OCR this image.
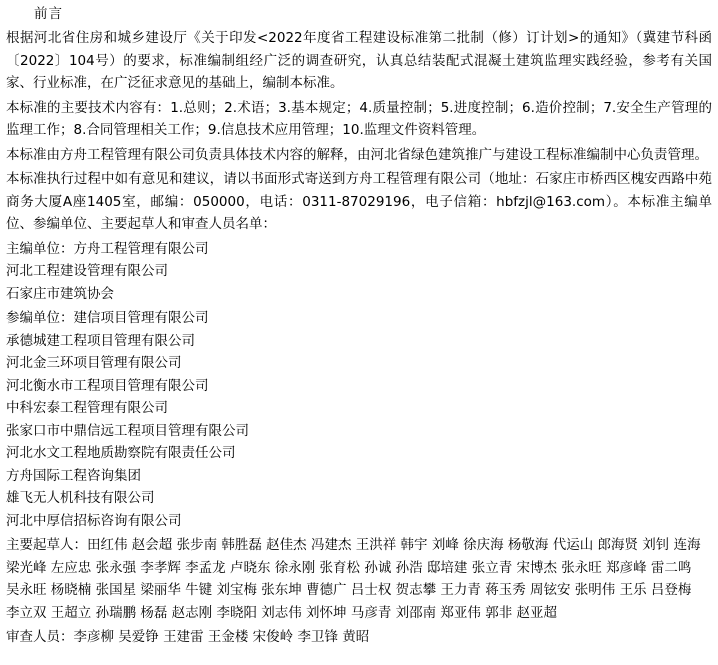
前言

根据河北省住房和城乡建设厅《关于印发<2022年度省工程建设标准第二批制（修）订计划>的通知》（冀建节科函〔2022〕104号）的要求，标准编制组经广泛的调查研究，认真总结装配式混凝土建筑监理实践经验，参考有关国家、行业标准，在广泛征求意见的基础上，编制本标准。

本标准的主要技术内容有：1.总则；2.术语；3.基本规定；4.质量控制；5.进度控制；6.造价控制；7.安全生产管理的监理工作；8.合同管理相关工作；9.信息技术应用管理；10.监理文件资料管理。

本标准由方舟工程管理有限公司负责具体技术内容的解释，由河北省绿色建筑推广与建设工程标准编制中心负责管理。

本标准执行过程中如有意见和建议，请以书面形式寄送到方舟工程管理有限公司（地址：石家庄市桥西区槐安西路中苑商务大厦A座1405室，邮编：050000，电话：0311-87029196，电子信箱：hbfzjl@163.com）。本标准主编单位、参编单位、主要起草人和审查人员名单：

主编单位：方舟工程管理有限公司
河北工程建设管理有限公司
石家庄市建筑协会
参编单位：建信项目管理有限公司
承德城建工程项目管理有限公司
河北金三环项目管理有限公司
河北衡水市工程项目管理有限公司
中科宏泰工程管理有限公司
张家口市中鼎信远工程项目管理有限公司
河北水文工程地质勘察院有限责任公司
方舟国际工程咨询集团
雄飞无人机科技有限公司
河北中厚信招标咨询有限公司
主要起草人：田红伟 赵会超 张步南 韩胜磊 赵佳杰 冯建杰 王洪祥 韩宇 刘峰 徐庆海 杨敬海 代运山 郎海贤 刘钊 连海
梁光峰 左应忠 张永强 李孝辉 李孟龙 卢晓东 徐永刚 张育松 孙诚 孙浩 邸培建 张立青 宋博杰 张永旺 郑彦峰 雷二鸣
吴永旺 杨晓楠 张国星 梁丽华 牛键 刘宝梅 张东坤 曹德广 吕士权 贺志攀 王力青 蒋玉秀 周铉安 张明伟 王乐 吕登梅
李立双 王超立 孙瑞鹏 杨磊 赵志刚 李晓阳 刘志伟 刘怀坤 马彦青 刘邵南 郑亚伟 郭非 赵亚超
审查人员：李彦柳 吴爱铮 王建雷 王金楼 宋俊岭 李卫锋 黄昭
